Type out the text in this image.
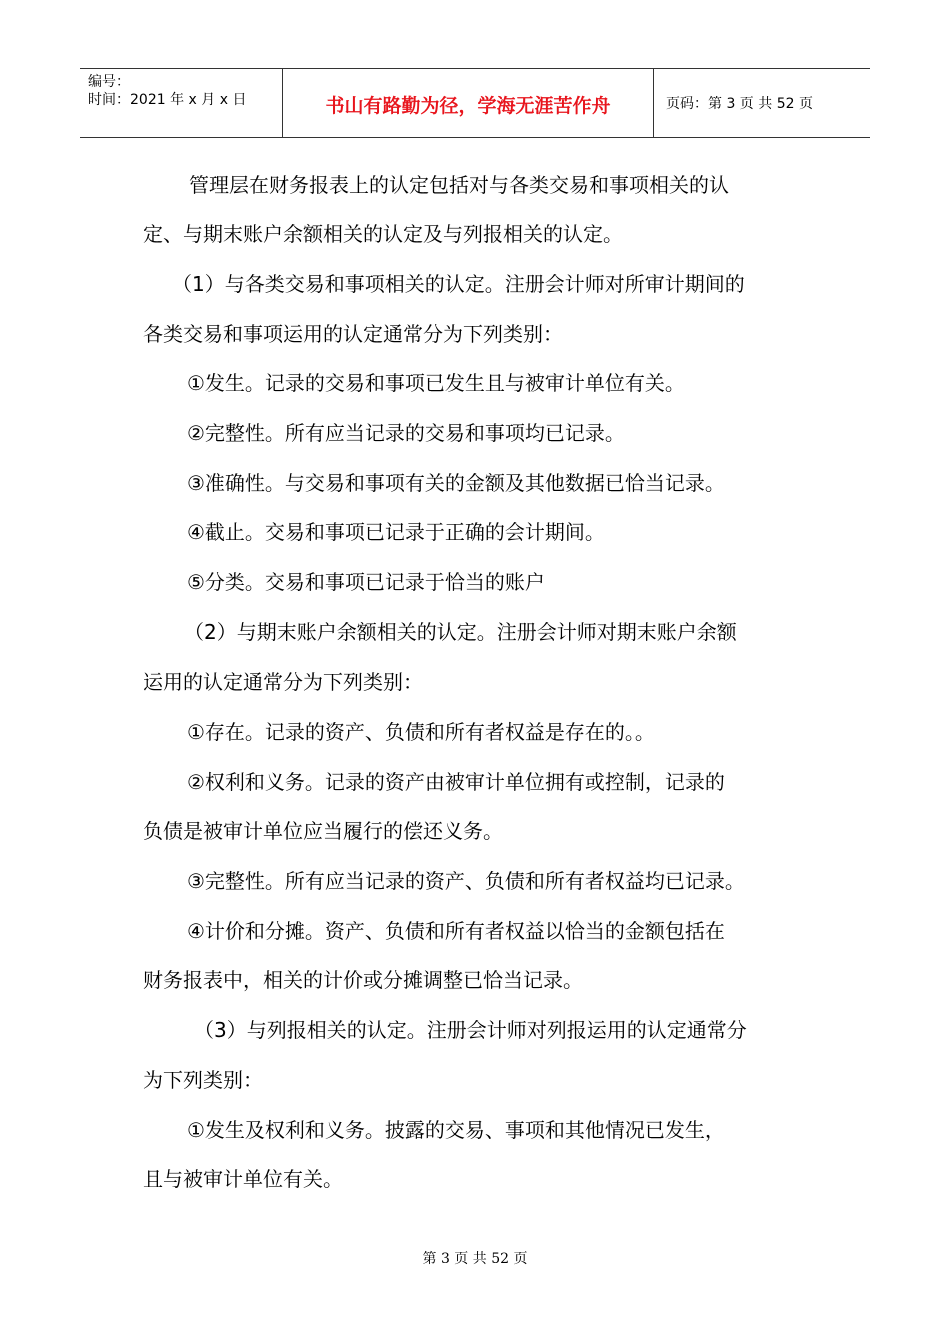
编号：
时间：2021 年 x 月 x 日	书山有路勤为径，学海无涯苦作舟	页码：第 3 页 共 52 页
管理层在财务报表上的认定包括对与各类交易和事项相关的认
定、与期末账户余额相关的认定及与列报相关的认定。
（1）与各类交易和事项相关的认定。注册会计师对所审计期间的
各类交易和事项运用的认定通常分为下列类别：
①发生。记录的交易和事项已发生且与被审计单位有关。
②完整性。所有应当记录的交易和事项均已记录。
③准确性。与交易和事项有关的金额及其他数据已恰当记录。
④截止。交易和事项已记录于正确的会计期间。
⑤分类。交易和事项已记录于恰当的账户
（2）与期末账户余额相关的认定。注册会计师对期末账户余额
运用的认定通常分为下列类别：
①存在。记录的资产、负债和所有者权益是存在的。。
②权利和义务。记录的资产由被审计单位拥有或控制，记录的
负债是被审计单位应当履行的偿还义务。
③完整性。所有应当记录的资产、负债和所有者权益均已记录。
④计价和分摊。资产、负债和所有者权益以恰当的金额包括在
财务报表中，相关的计价或分摊调整已恰当记录。
（3）与列报相关的认定。注册会计师对列报运用的认定通常分
为下列类别：
①发生及权利和义务。披露的交易、事项和其他情况已发生，
且与被审计单位有关。
第 3 页 共 52 页
